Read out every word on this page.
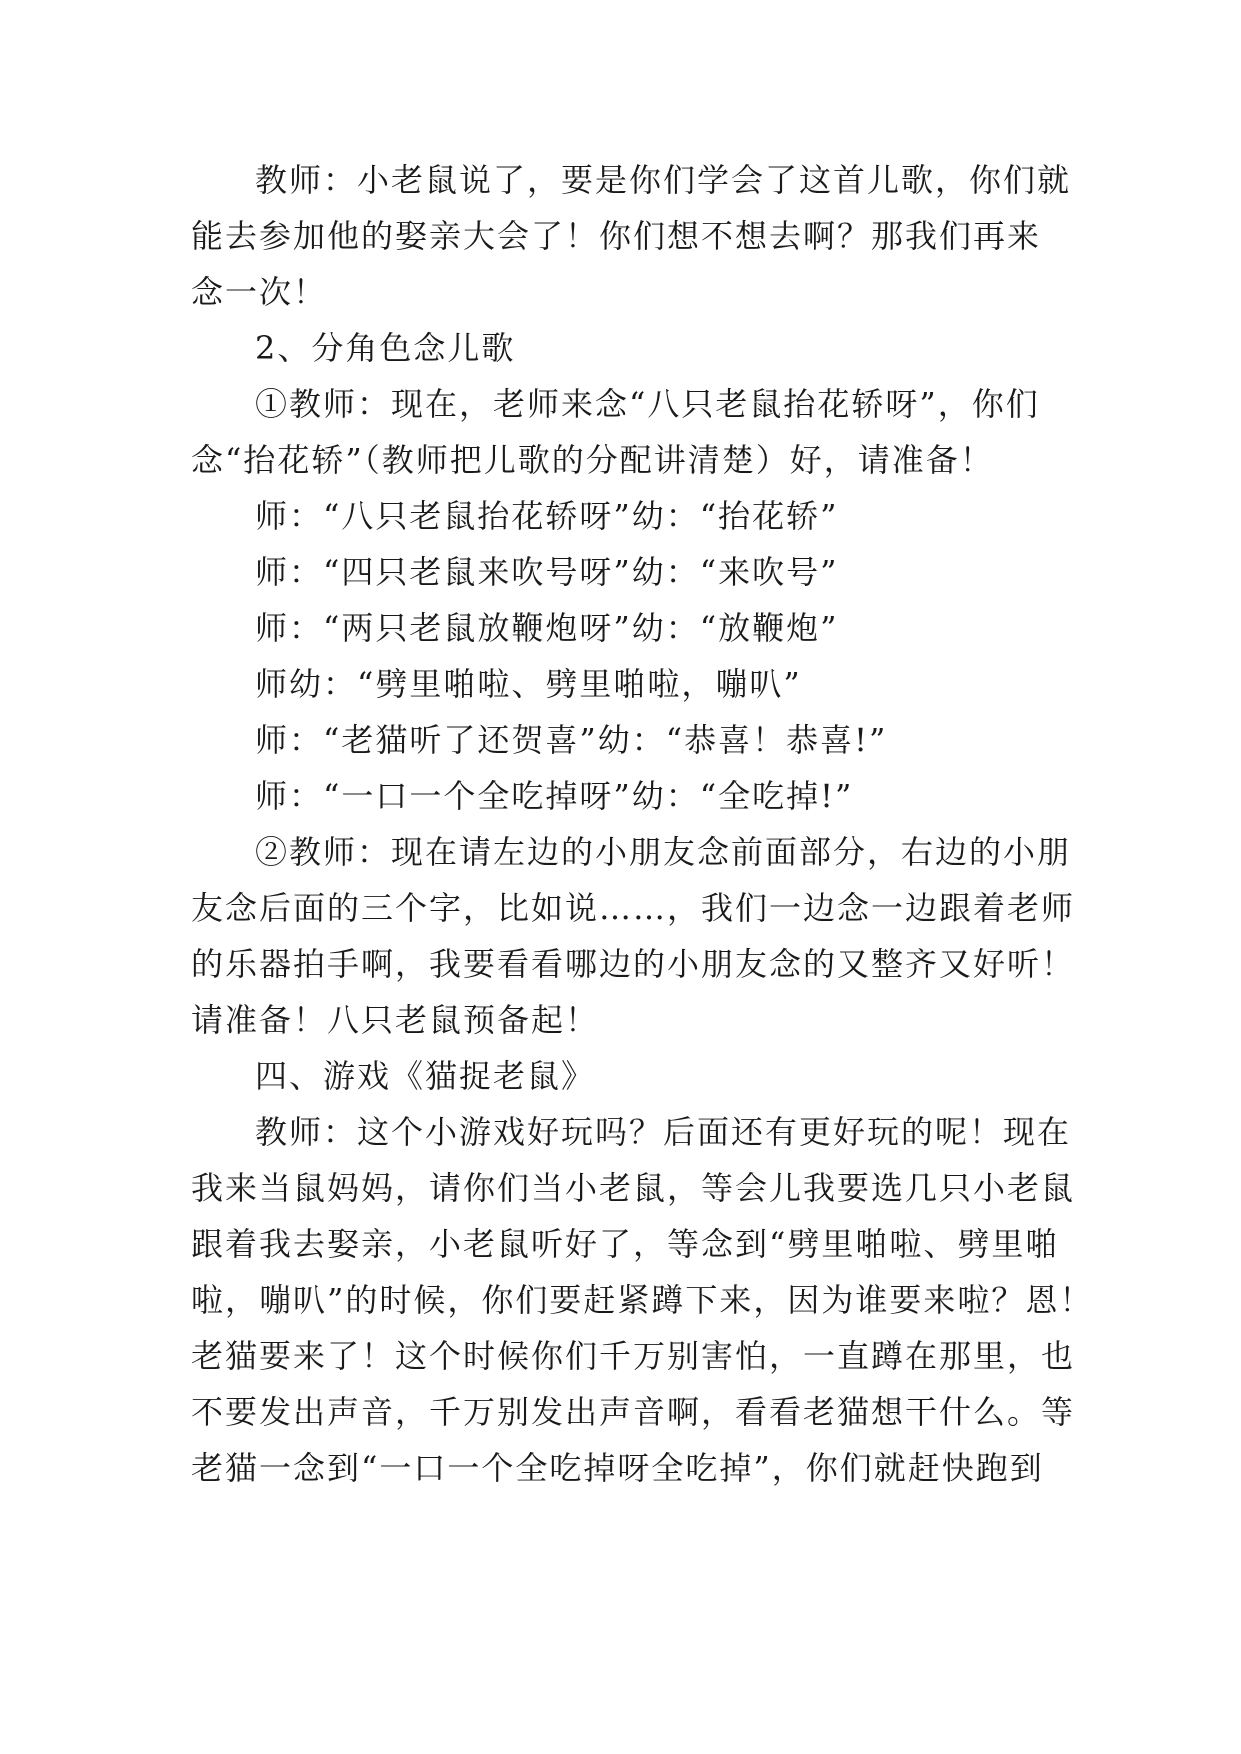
教师：小老鼠说了，要是你们学会了这首儿歌，你们就
能去参加他的娶亲大会了！你们想不想去啊？那我们再来
念一次！
2、分角色念儿歌
①教师：现在，老师来念“八只老鼠抬花轿呀”，你们
念“抬花轿”（教师把儿歌的分配讲清楚）好，请准备！
师：“八只老鼠抬花轿呀”幼：“抬花轿”
师：“四只老鼠来吹号呀”幼：“来吹号”
师：“两只老鼠放鞭炮呀”幼：“放鞭炮”
师幼：“劈里啪啦、劈里啪啦，嘣叭”
师：“老猫听了还贺喜”幼：“恭喜！恭喜!”
师：“一口一个全吃掉呀”幼：“全吃掉!”
②教师：现在请左边的小朋友念前面部分，右边的小朋
友念后面的三个字，比如说……，我们一边念一边跟着老师
的乐器拍手啊，我要看看哪边的小朋友念的又整齐又好听！
请准备！八只老鼠预备起！
四、游戏《猫捉老鼠》
教师：这个小游戏好玩吗？后面还有更好玩的呢！现在
我来当鼠妈妈，请你们当小老鼠，等会儿我要选几只小老鼠
跟着我去娶亲，小老鼠听好了，等念到“劈里啪啦、劈里啪
啦，嘣叭”的时候，你们要赶紧蹲下来，因为谁要来啦？恩！
老猫要来了！这个时候你们千万别害怕，一直蹲在那里，也
不要发出声音，千万别发出声音啊，看看老猫想干什么。等
老猫一念到“一口一个全吃掉呀全吃掉”，你们就赶快跑到
